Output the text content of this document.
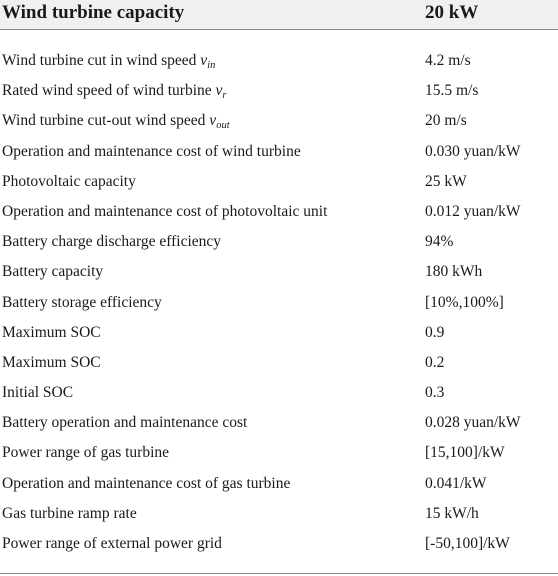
Wind turbine capacity	20 kW
Wind turbine cut in wind speed $v_{in}$	4.2 m/s
Rated wind speed of wind turbine $v_r$	15.5 m/s
Wind turbine cut-out wind speed $v_{out}$	20 m/s
Operation and maintenance cost of wind turbine	0.030 yuan/kW
Photovoltaic capacity	25 kW
Operation and maintenance cost of photovoltaic unit	0.012 yuan/kW
Battery charge discharge efficiency	94%
Battery capacity	180 kWh
Battery storage efficiency	[10%,100%]
Maximum SOC	0.9
Maximum SOC	0.2
Initial SOC	0.3
Battery operation and maintenance cost	0.028 yuan/kW
Power range of gas turbine	[15,100]/kW
Operation and maintenance cost of gas turbine	0.041/kW
Gas turbine ramp rate	15 kW/h
Power range of external power grid	[-50,100]/kW
